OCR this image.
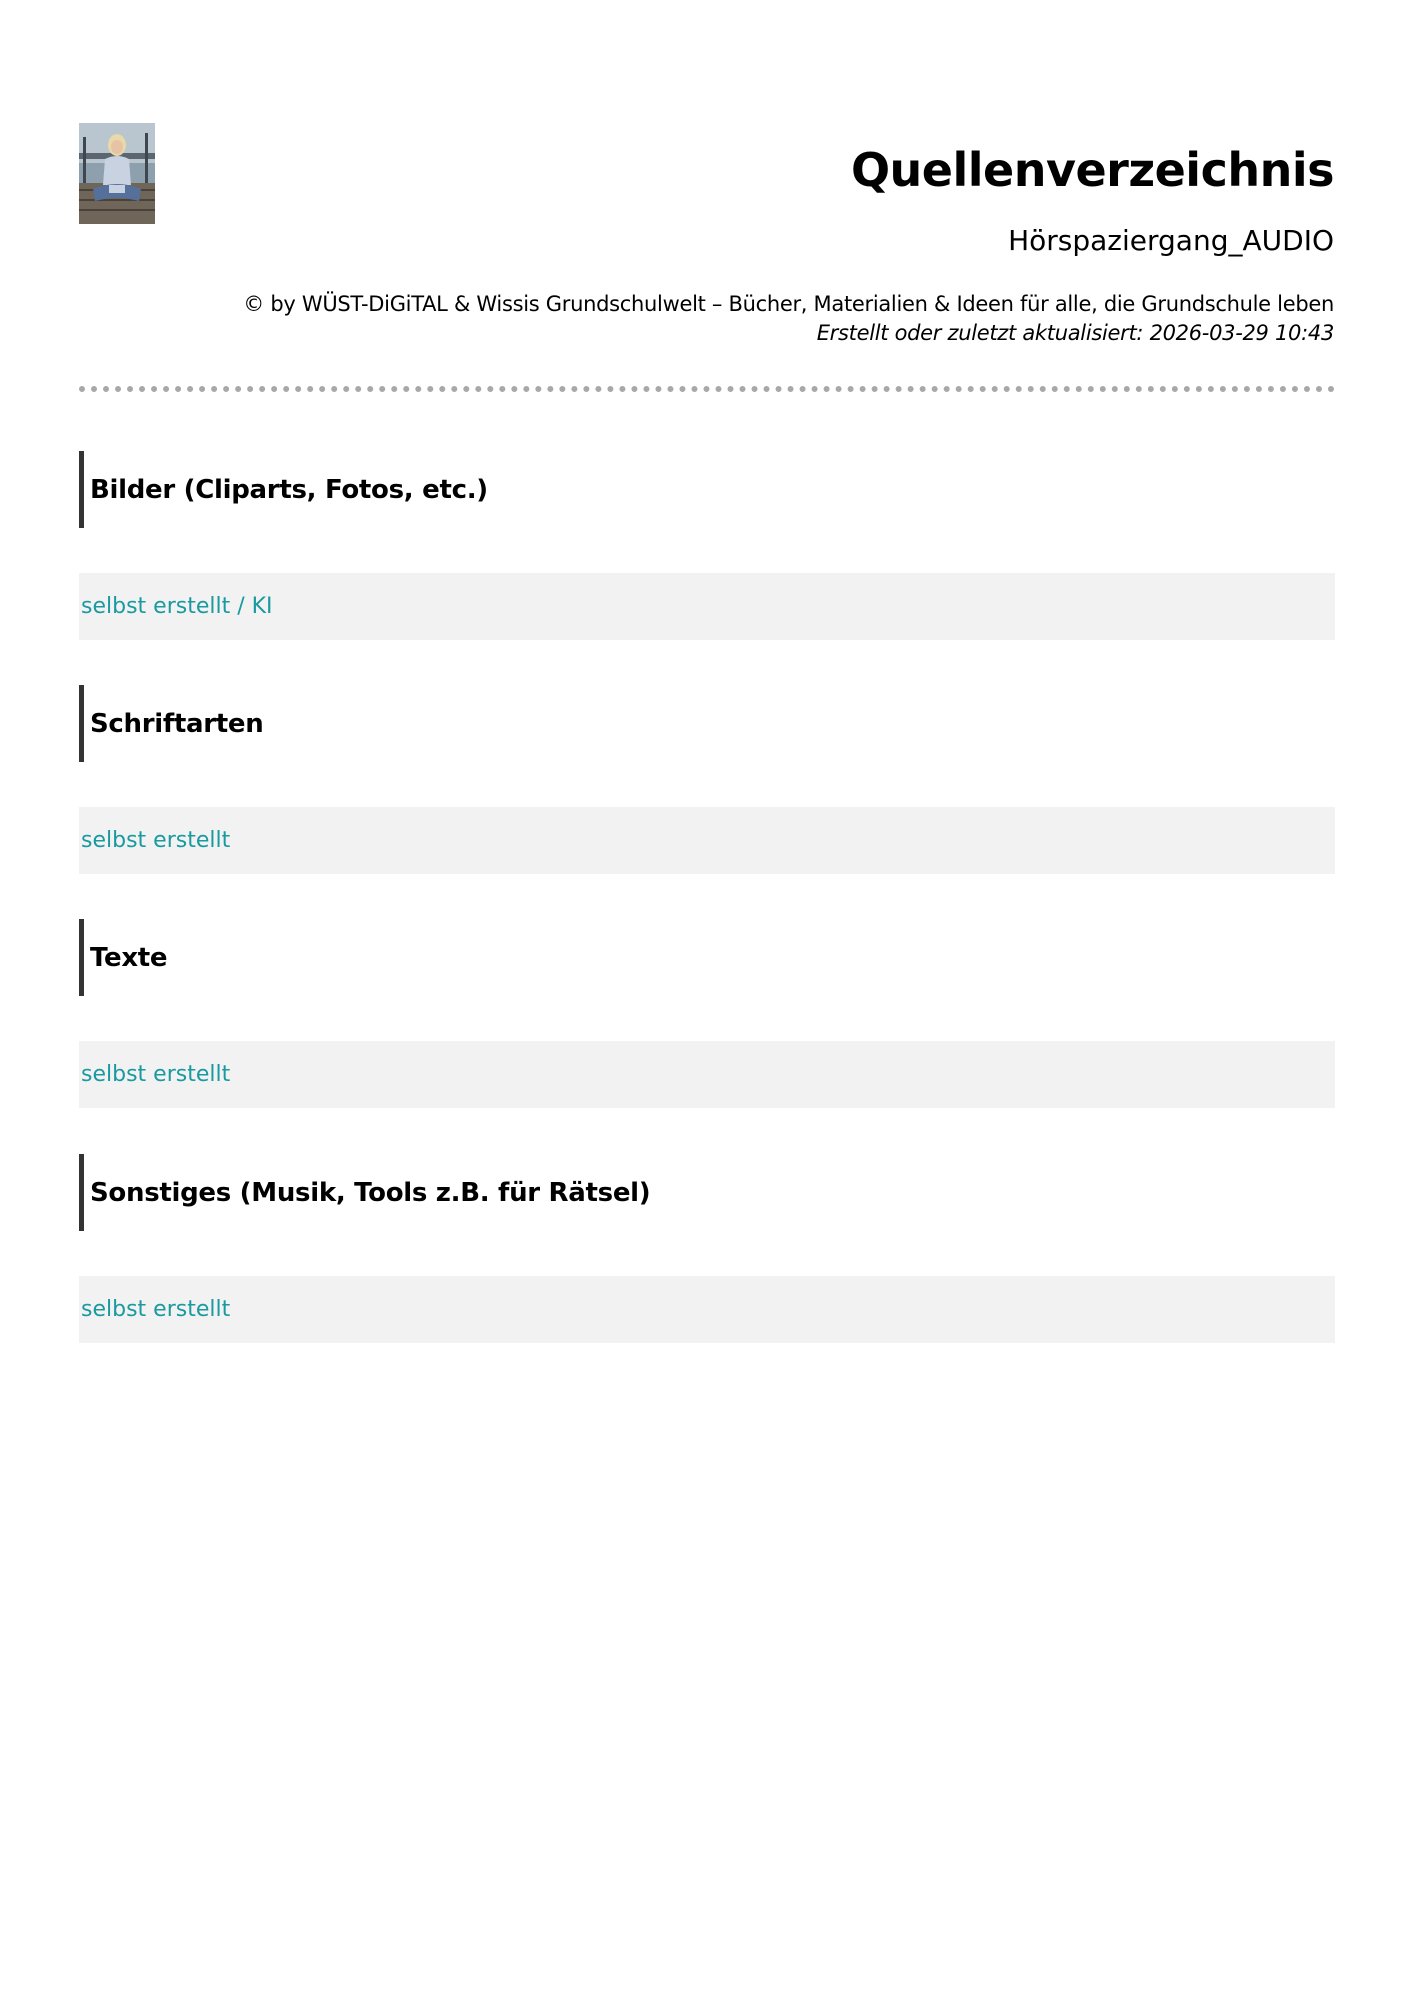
Quellenverzeichnis
Hörspaziergang_AUDIO
© by WÜST-DiGiTAL & Wissis Grundschulwelt – Bücher, Materialien & Ideen für alle, die Grundschule leben
Erstellt oder zuletzt aktualisiert: 2026-03-29 10:43
Bilder (Cliparts, Fotos, etc.)
selbst erstellt / KI
Schriftarten
selbst erstellt
Texte
selbst erstellt
Sonstiges (Musik, Tools z.B. für Rätsel)
selbst erstellt
